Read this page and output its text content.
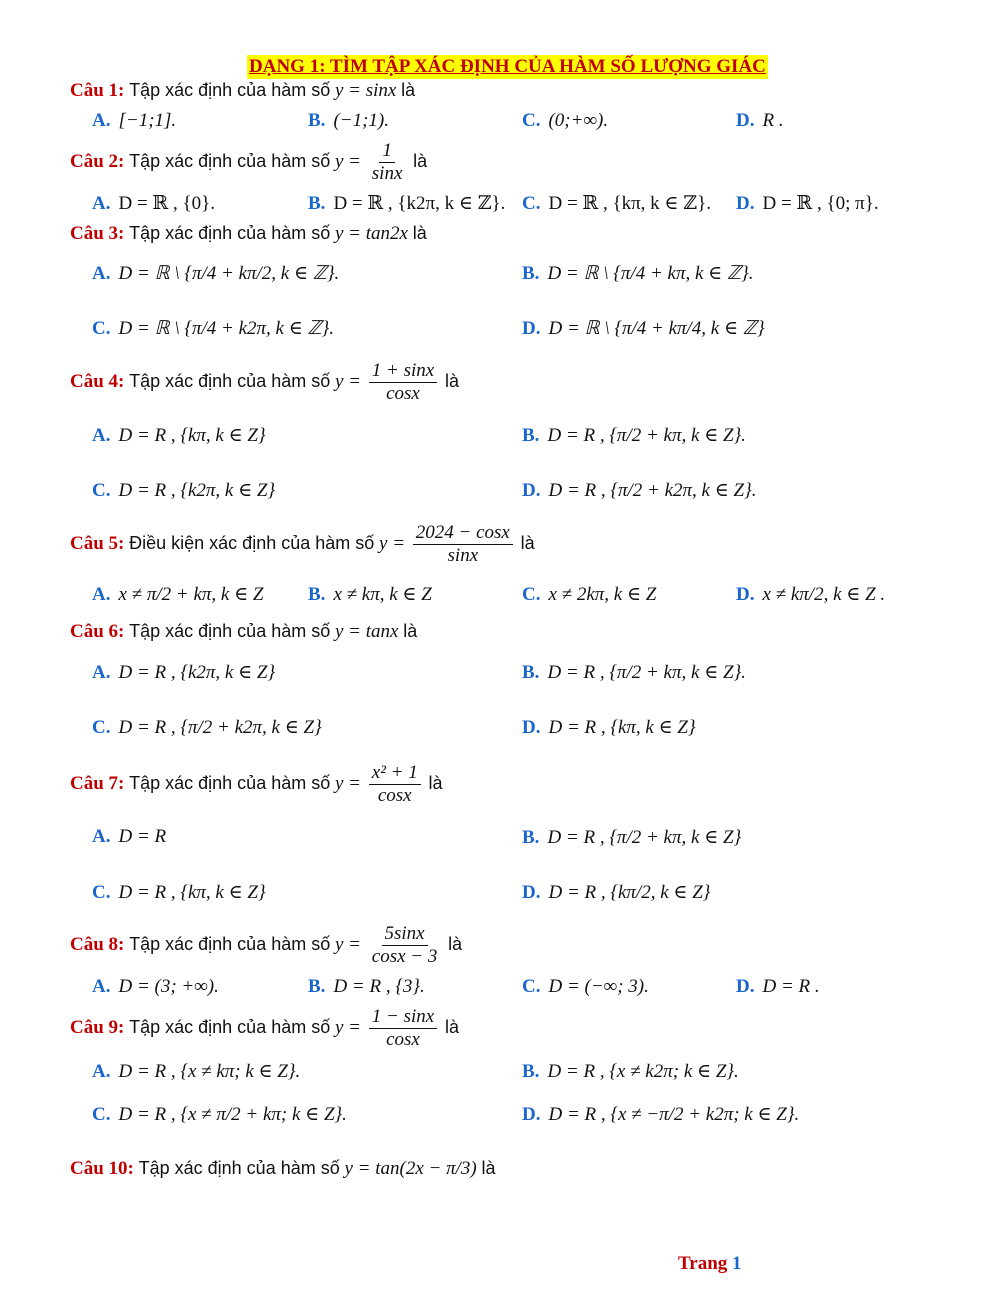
DẠNG 1: TÌM TẬP XÁC ĐỊNH CỦA HÀM SỐ LƯỢNG GIÁC
Câu 1: Tập xác định của hàm số y = sinx là
A. [−1;1].	B. (−1;1).	C. (0;+∞).	D. R .
Câu 2: Tập xác định của hàm số $y = \frac{1}{\sin x}$ là
A. D = ℝ , {0}.	B. D = ℝ , {k2π, k ∈ ℤ}. C. D = ℝ , {kπ, k ∈ ℤ}. D. D = ℝ , {0; π}.
Câu 3: Tập xác định của hàm số y = tan2x là
A. D = ℝ \ {π/4 + kπ/2, k ∈ ℤ}.	B. D = ℝ \ {π/4 + kπ, k ∈ ℤ}.
C. D = ℝ \ {π/4 + k2π, k ∈ ℤ}.	D. D = ℝ \ {π/4 + kπ/4, k ∈ ℤ}
Câu 4: Tập xác định của hàm số $y = \frac{1 + \sin x}{\cos x}$ là
A. D = R , {kπ, k ∈ Z}	B. D = R , {π/2 + kπ, k ∈ Z}.
C. D = R , {k2π, k ∈ Z}	D. D = R , {π/2 + k2π, k ∈ Z}.
Câu 5: Điều kiện xác định của hàm số $y = \frac{2024 - \cos x}{\sin x}$ là
A. x ≠ π/2 + kπ, k ∈ Z B. x ≠ kπ, k ∈ Z	C. x ≠ 2kπ, k ∈ Z	D. x ≠ kπ/2, k ∈ Z .
Câu 6: Tập xác định của hàm số y = tanx là
A. D = R , {k2π, k ∈ Z}	B. D = R , {π/2 + kπ, k ∈ Z}.
C. D = R , {π/2 + k2π, k ∈ Z}	D. D = R , {kπ, k ∈ Z}
Câu 7: Tập xác định của hàm số $y = \frac{\text{x² + 1}}{\cos x}$ là
A. D = R	B. D = R , {π/2 + kπ, k ∈ Z}
C. D = R , {kπ, k ∈ Z}	D. D = R , {kπ/2, k ∈ Z}
Câu 8: Tập xác định của hàm số $y = \frac{5\sin x}{\cos x - 3}$ là
A. D = (3; +∞).	B. D = R , {3}.	C. D = (−∞; 3).	D. D = R .
Câu 9: Tập xác định của hàm số $y = \frac{1 - \sin x}{\cos x}$ là
A. D = R , {x ≠ kπ; k ∈ Z}.	B. D = R , {x ≠ k2π; k ∈ Z}.
C. D = R , {x ≠ π/2 + kπ; k ∈ Z}.	D. D = R , {x ≠ −π/2 + k2π; k ∈ Z}.
Câu 10: Tập xác định của hàm số y = tan(2x − π/3) là
Trang 1
